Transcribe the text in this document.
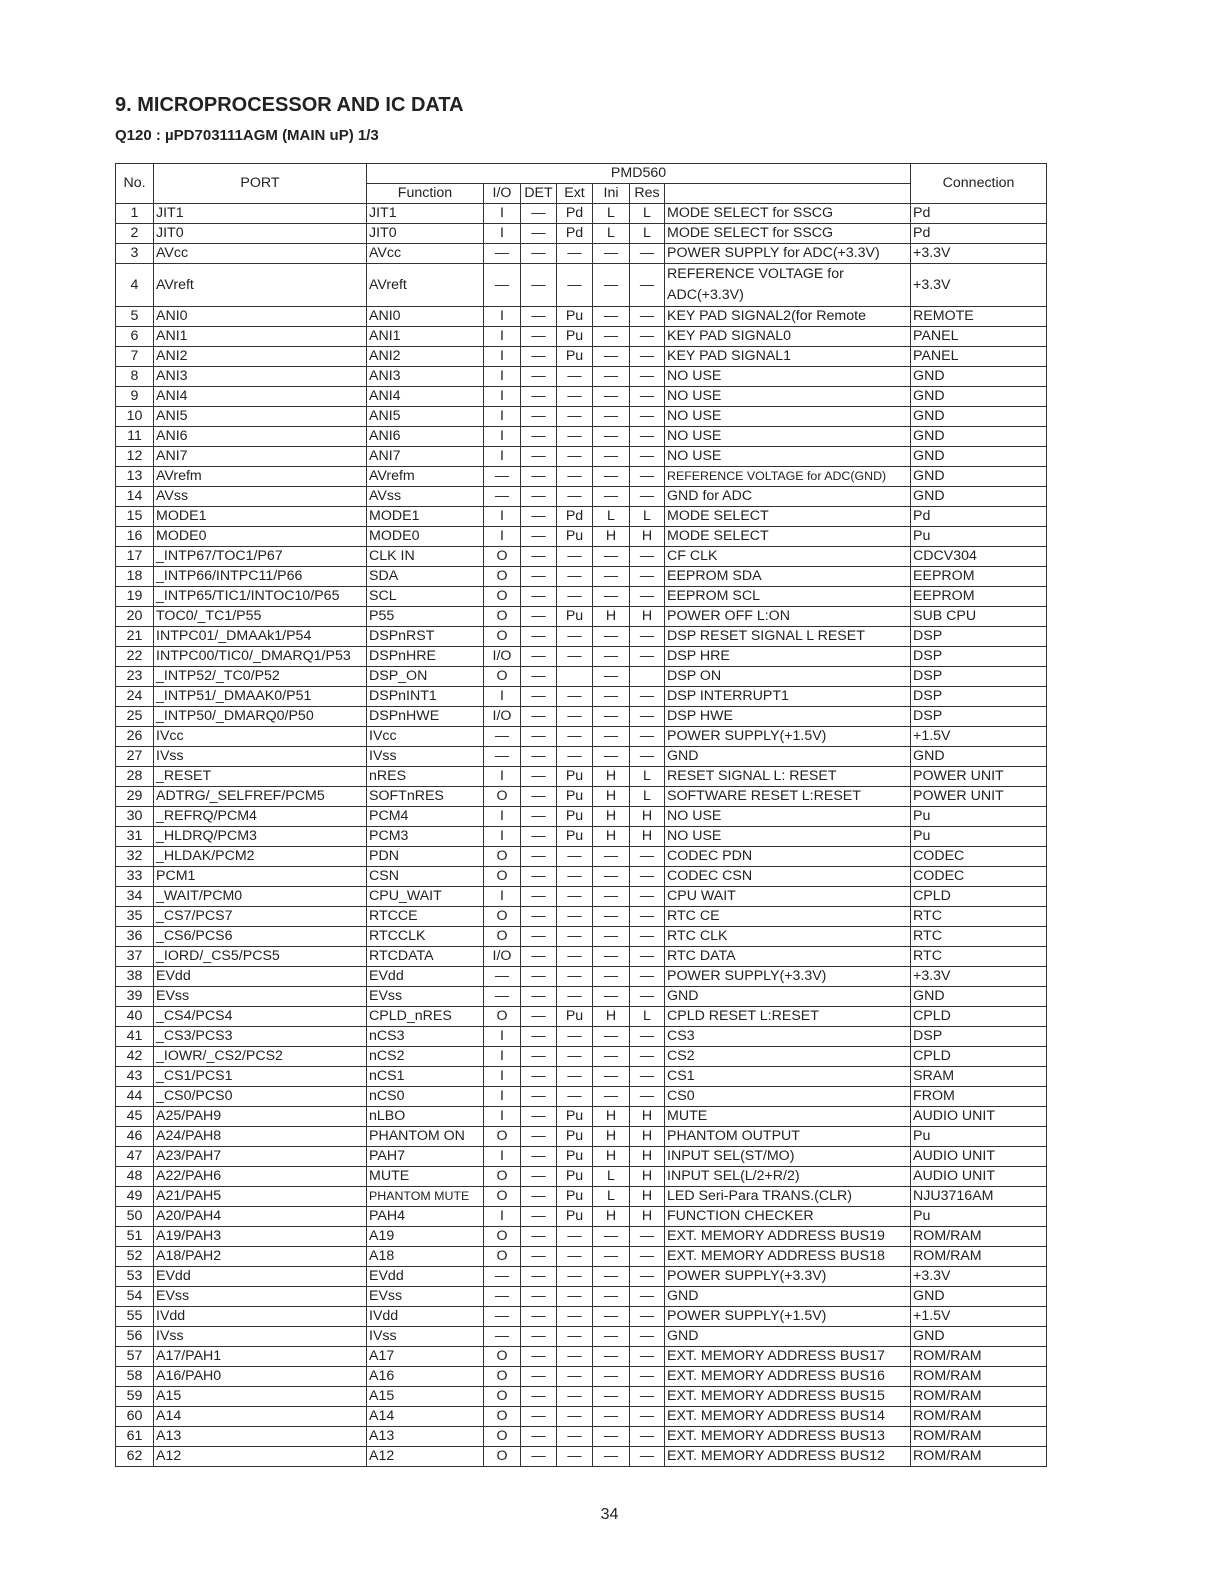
9. MICROPROCESSOR AND IC DATA
Q120 : µPD703111AGM (MAIN uP) 1/3
No.	PORT	PMD560							Connection
		Function	I/O	DET	Ext	Ini	Res		
1	JIT1	JIT1	I	—	Pd	L	L	MODE SELECT for SSCG	Pd
2	JIT0	JIT0	I	—	Pd	L	L	MODE SELECT for SSCG	Pd
3	AVcc	AVcc	—	—	—	—	—	POWER SUPPLY for ADC(+3.3V)	+3.3V
4	AVreft	AVreft	—	—	—	—	—	REFERENCE VOLTAGE for ADC(+3.3V)	+3.3V
5	ANI0	ANI0	I	—	Pu	—	—	KEY PAD SIGNAL2(for Remote	REMOTE
6	ANI1	ANI1	I	—	Pu	—	—	KEY PAD SIGNAL0	PANEL
7	ANI2	ANI2	I	—	Pu	—	—	KEY PAD SIGNAL1	PANEL
8	ANI3	ANI3	I	—	—	—	—	NO USE	GND
9	ANI4	ANI4	I	—	—	—	—	NO USE	GND
10	ANI5	ANI5	I	—	—	—	—	NO USE	GND
11	ANI6	ANI6	I	—	—	—	—	NO USE	GND
12	ANI7	ANI7	I	—	—	—	—	NO USE	GND
13	AVrefm	AVrefm	—	—	—	—	—	REFERENCE VOLTAGE for ADC(GND)	GND
14	AVss	AVss	—	—	—	—	—	GND for ADC	GND
15	MODE1	MODE1	I	—	Pd	L	L	MODE SELECT	Pd
16	MODE0	MODE0	I	—	Pu	H	H	MODE SELECT	Pu
17	_INTP67/TOC1/P67	CLK IN	O	—	—	—	—	CF CLK	CDCV304
18	_INTP66/INTPC11/P66	SDA	O	—	—	—	—	EEPROM SDA	EEPROM
19	_INTP65/TIC1/INTOC10/P65	SCL	O	—	—	—	—	EEPROM SCL	EEPROM
20	TOC0/_TC1/P55	P55	O	—	Pu	H	H	POWER OFF L:ON	SUB CPU
21	INTPC01/_DMAAk1/P54	DSPnRST	O	—	—	—	—	DSP RESET SIGNAL L RESET	DSP
22	INTPC00/TIC0/_DMARQ1/P53	DSPnHRE	I/O	—	—	—	—	DSP HRE	DSP
23	_INTP52/_TC0/P52	DSP_ON	O	—		—		DSP ON	DSP
24	_INTP51/_DMAAK0/P51	DSPnINT1	I	—	—	—	—	DSP INTERRUPT1	DSP
25	_INTP50/_DMARQ0/P50	DSPnHWE	I/O	—	—	—	—	DSP HWE	DSP
26	IVcc	IVcc	—	—	—	—	—	POWER SUPPLY(+1.5V)	+1.5V
27	IVss	IVss	—	—	—	—	—	GND	GND
28	_RESET	nRES	I	—	Pu	H	L	RESET SIGNAL L: RESET	POWER UNIT
29	ADTRG/_SELFREF/PCM5	SOFTnRES	O	—	Pu	H	L	SOFTWARE RESET L:RESET	POWER UNIT
30	_REFRQ/PCM4	PCM4	I	—	Pu	H	H	NO USE	Pu
31	_HLDRQ/PCM3	PCM3	I	—	Pu	H	H	NO USE	Pu
32	_HLDAK/PCM2	PDN	O	—	—	—	—	CODEC PDN	CODEC
33	PCM1	CSN	O	—	—	—	—	CODEC CSN	CODEC
34	_WAIT/PCM0	CPU_WAIT	I	—	—	—	—	CPU WAIT	CPLD
35	_CS7/PCS7	RTCCE	O	—	—	—	—	RTC CE	RTC
36	_CS6/PCS6	RTCCLK	O	—	—	—	—	RTC CLK	RTC
37	_IORD/_CS5/PCS5	RTCDATA	I/O	—	—	—	—	RTC DATA	RTC
38	EVdd	EVdd	—	—	—	—	—	POWER SUPPLY(+3.3V)	+3.3V
39	EVss	EVss	—	—	—	—	—	GND	GND
40	_CS4/PCS4	CPLD_nRES	O	—	Pu	H	L	CPLD RESET L:RESET	CPLD
41	_CS3/PCS3	nCS3	I	—	—	—	—	CS3	DSP
42	_IOWR/_CS2/PCS2	nCS2	I	—	—	—	—	CS2	CPLD
43	_CS1/PCS1	nCS1	I	—	—	—	—	CS1	SRAM
44	_CS0/PCS0	nCS0	I	—	—	—	—	CS0	FROM
45	A25/PAH9	nLBO	I	—	Pu	H	H	MUTE	AUDIO UNIT
46	A24/PAH8	PHANTOM ON	O	—	Pu	H	H	PHANTOM OUTPUT	Pu
47	A23/PAH7	PAH7	I	—	Pu	H	H	INPUT SEL(ST/MO)	AUDIO UNIT
48	A22/PAH6	MUTE	O	—	Pu	L	H	INPUT SEL(L/2+R/2)	AUDIO UNIT
49	A21/PAH5	PHANTOM MUTE	O	—	Pu	L	H	LED Seri-Para TRANS.(CLR)	NJU3716AM
50	A20/PAH4	PAH4	I	—	Pu	H	H	FUNCTION CHECKER	Pu
51	A19/PAH3	A19	O	—	—	—	—	EXT. MEMORY ADDRESS BUS19	ROM/RAM
52	A18/PAH2	A18	O	—	—	—	—	EXT. MEMORY ADDRESS BUS18	ROM/RAM
53	EVdd	EVdd	—	—	—	—	—	POWER SUPPLY(+3.3V)	+3.3V
54	EVss	EVss	—	—	—	—	—	GND	GND
55	IVdd	IVdd	—	—	—	—	—	POWER SUPPLY(+1.5V)	+1.5V
56	IVss	IVss	—	—	—	—	—	GND	GND
57	A17/PAH1	A17	O	—	—	—	—	EXT. MEMORY ADDRESS BUS17	ROM/RAM
58	A16/PAH0	A16	O	—	—	—	—	EXT. MEMORY ADDRESS BUS16	ROM/RAM
59	A15	A15	O	—	—	—	—	EXT. MEMORY ADDRESS BUS15	ROM/RAM
60	A14	A14	O	—	—	—	—	EXT. MEMORY ADDRESS BUS14	ROM/RAM
61	A13	A13	O	—	—	—	—	EXT. MEMORY ADDRESS BUS13	ROM/RAM
62	A12	A12	O	—	—	—	—	EXT. MEMORY ADDRESS BUS12	ROM/RAM
34
